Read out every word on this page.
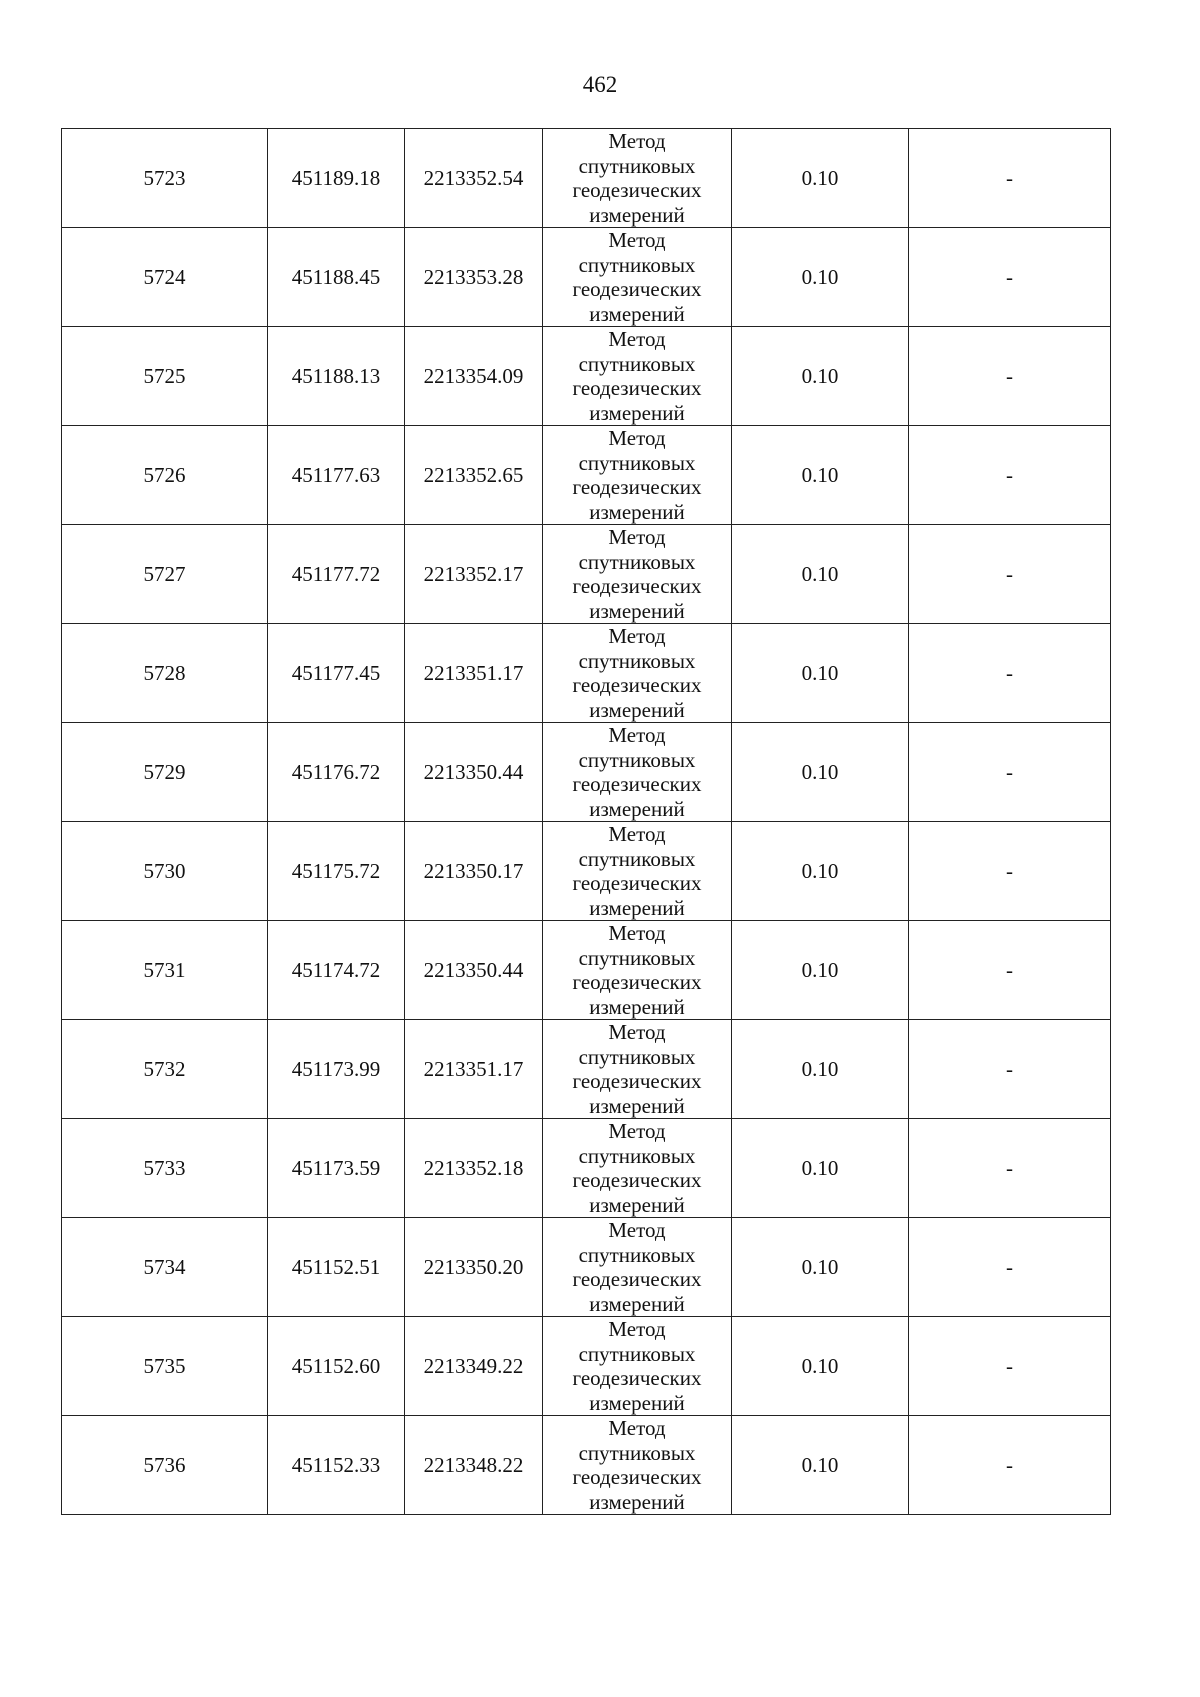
462
5723	451189.18	2213352.54	Метод
спутниковых
геодезических
измерений	0.10	-
5724	451188.45	2213353.28	Метод
спутниковых
геодезических
измерений	0.10	-
5725	451188.13	2213354.09	Метод
спутниковых
геодезических
измерений	0.10	-
5726	451177.63	2213352.65	Метод
спутниковых
геодезических
измерений	0.10	-
5727	451177.72	2213352.17	Метод
спутниковых
геодезических
измерений	0.10	-
5728	451177.45	2213351.17	Метод
спутниковых
геодезических
измерений	0.10	-
5729	451176.72	2213350.44	Метод
спутниковых
геодезических
измерений	0.10	-
5730	451175.72	2213350.17	Метод
спутниковых
геодезических
измерений	0.10	-
5731	451174.72	2213350.44	Метод
спутниковых
геодезических
измерений	0.10	-
5732	451173.99	2213351.17	Метод
спутниковых
геодезических
измерений	0.10	-
5733	451173.59	2213352.18	Метод
спутниковых
геодезических
измерений	0.10	-
5734	451152.51	2213350.20	Метод
спутниковых
геодезических
измерений	0.10	-
5735	451152.60	2213349.22	Метод
спутниковых
геодезических
измерений	0.10	-
5736	451152.33	2213348.22	Метод
спутниковых
геодезических
измерений	0.10	-
